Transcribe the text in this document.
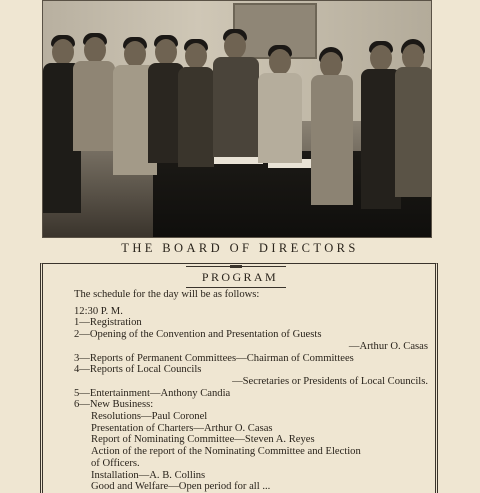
THE BOARD OF DIRECTORS
PROGRAM
The schedule for the day will be as follows:
12:30 P. M.
1—Registration
2—Opening of the Convention and Presentation of Guests
—Arthur O. Casas
3—Reports of Permanent Committees—Chairman of Committees
4—Reports of Local Councils
—Secretaries or Presidents of Local Councils.
5—Entertainment—Anthony Candia
6—New Business:
Resolutions—Paul Coronel
Presentation of Charters—Arthur O. Casas
Report of Nominating Committee—Steven A. Reyes
Action of the report of the Nominating Committee and Election
of Officers.
Installation—A. B. Collins
Good and Welfare—Open period for all ...
